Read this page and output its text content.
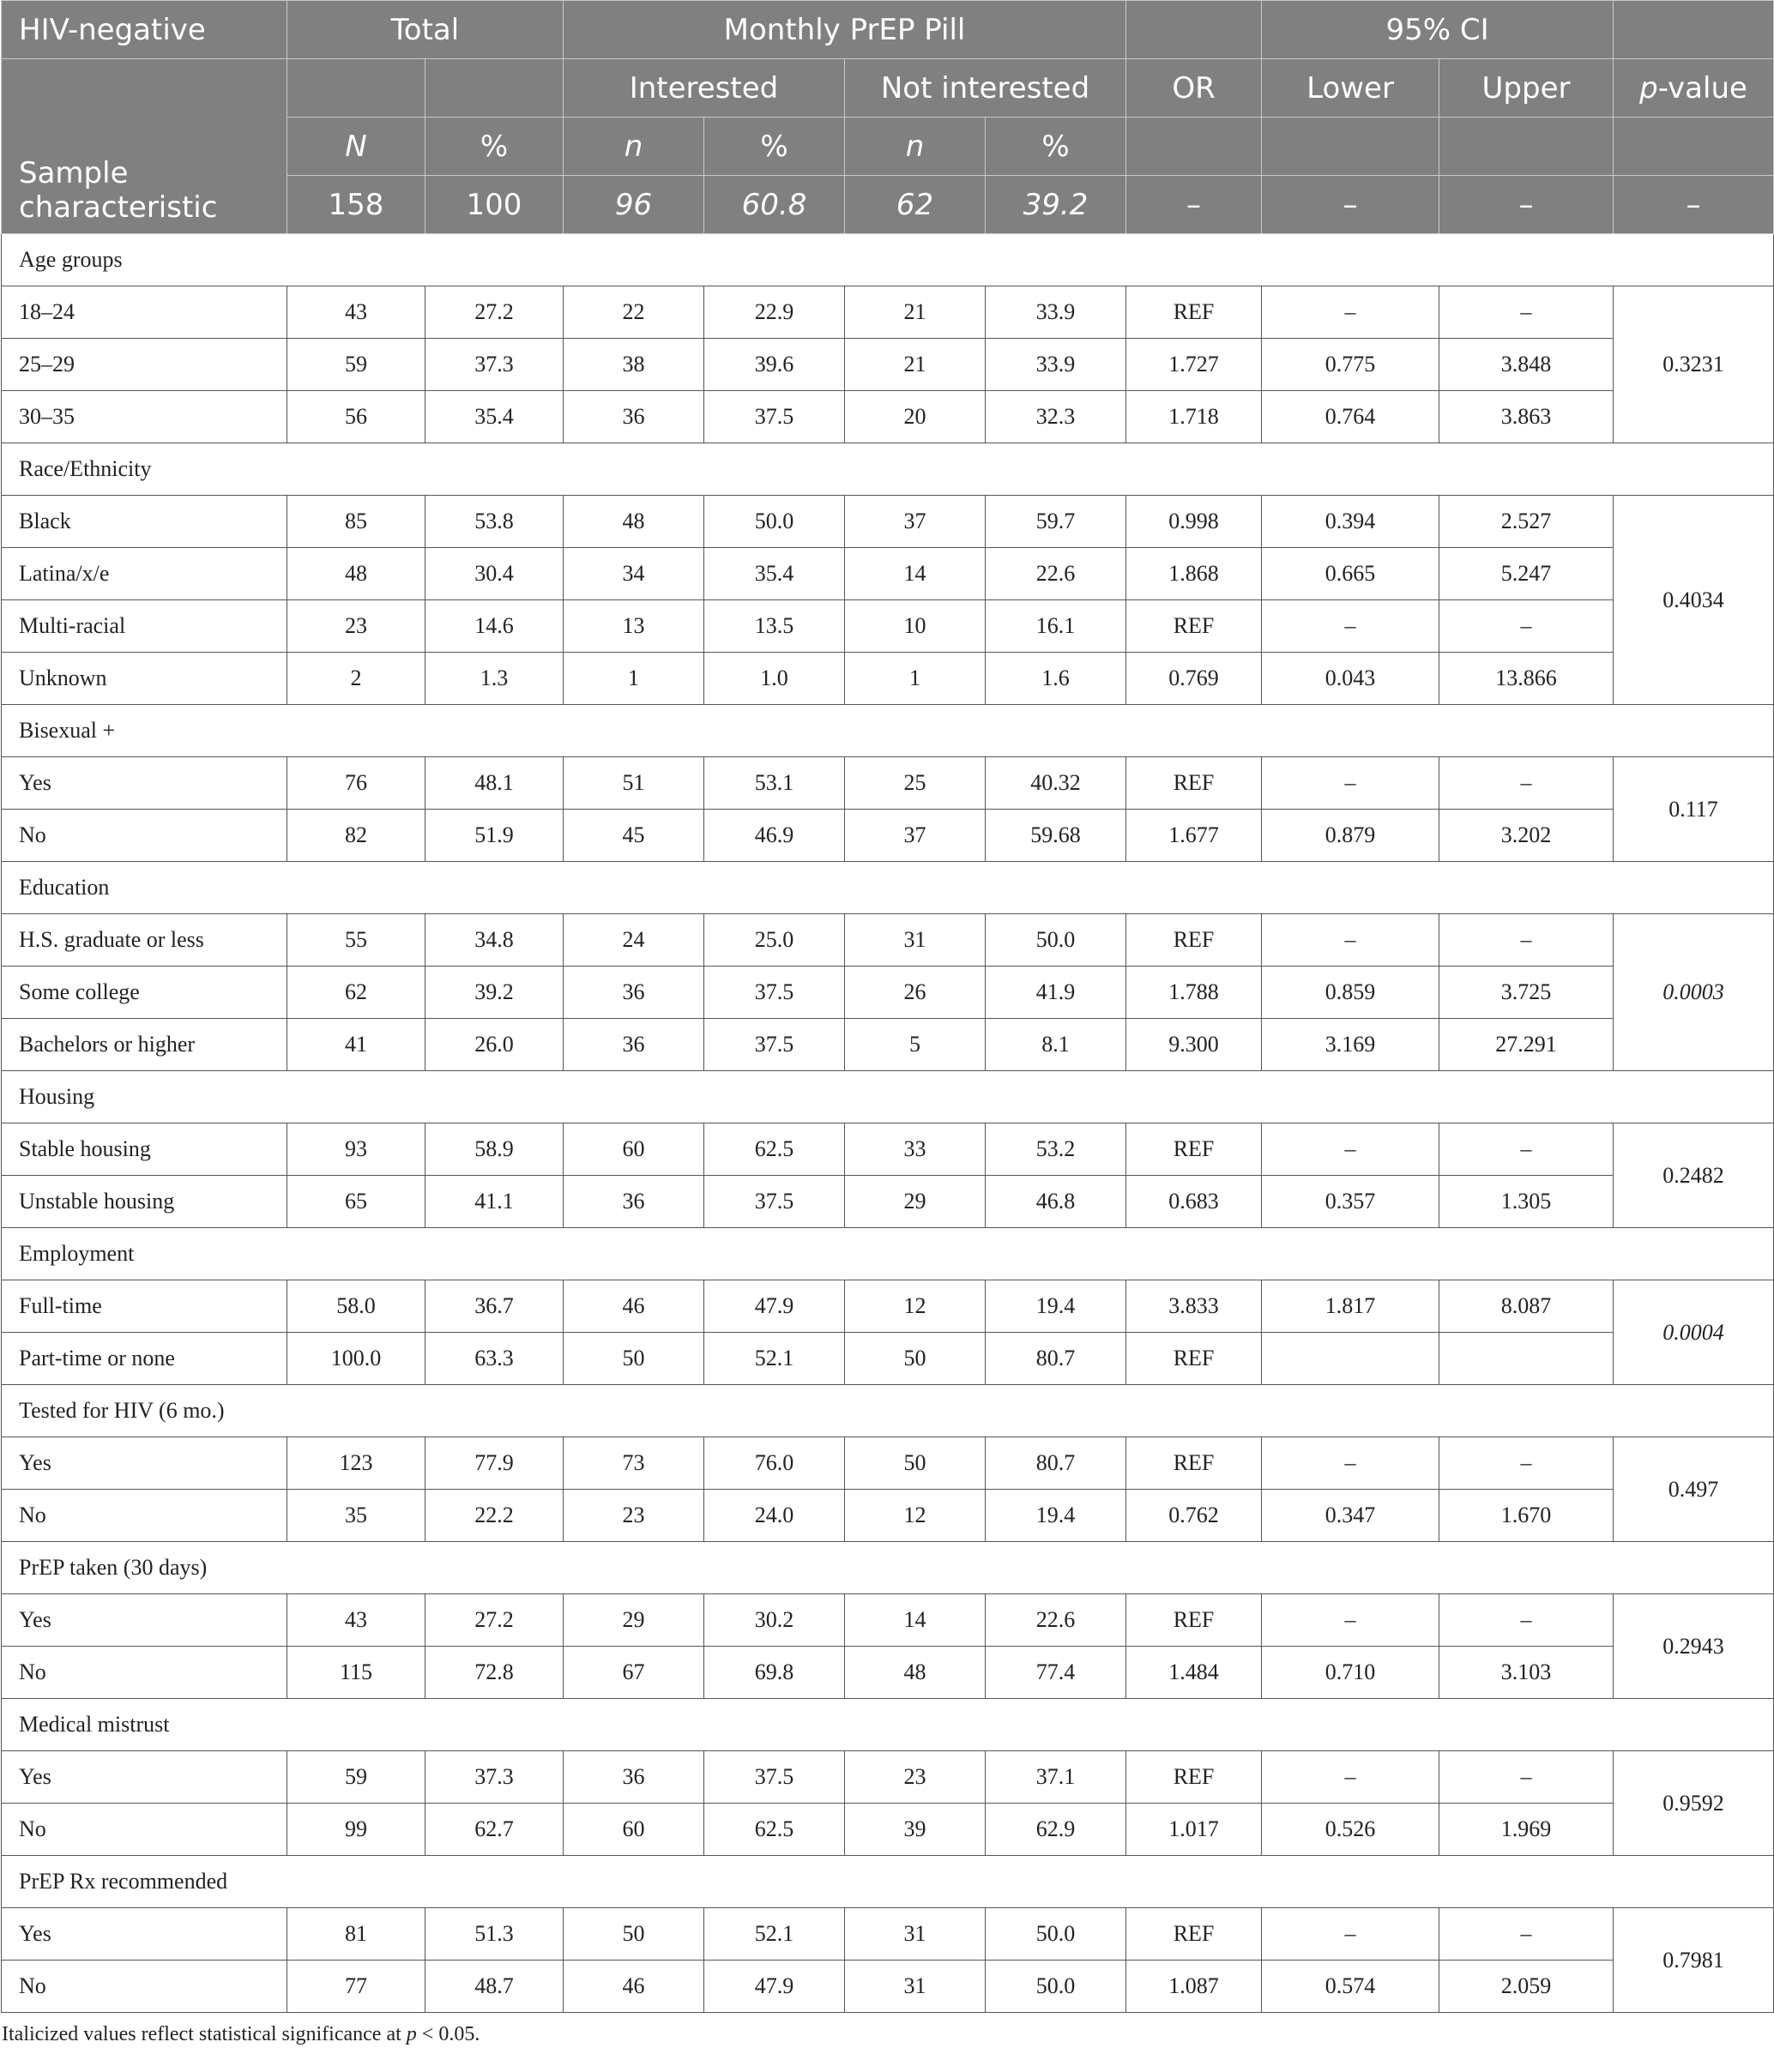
HIV-negative	Total		Monthly PrEP Pill					95% CI		
Sample characteristic			Interested		Not interested		OR	Lower	Upper	p-value
	N	%	n	%	n	%				
	158	100	96	60.8	62	39.2	–	–	–	–
Age groups										
18–24	43	27.2	22	22.9	21	33.9	REF	–	–	0.3231
25–29	59	37.3	38	39.6	21	33.9	1.727	0.775	3.848	
30–35	56	35.4	36	37.5	20	32.3	1.718	0.764	3.863	
Race/Ethnicity										
Black	85	53.8	48	50.0	37	59.7	0.998	0.394	2.527	0.4034
Latina/x/e	48	30.4	34	35.4	14	22.6	1.868	0.665	5.247	
Multi-racial	23	14.6	13	13.5	10	16.1	REF	–	–	
Unknown	2	1.3	1	1.0	1	1.6	0.769	0.043	13.866	
Bisexual +										
Yes	76	48.1	51	53.1	25	40.32	REF	–	–	0.117
No	82	51.9	45	46.9	37	59.68	1.677	0.879	3.202	
Education										
H.S. graduate or less	55	34.8	24	25.0	31	50.0	REF	–	–	0.0003
Some college	62	39.2	36	37.5	26	41.9	1.788	0.859	3.725	
Bachelors or higher	41	26.0	36	37.5	5	8.1	9.300	3.169	27.291	
Housing										
Stable housing	93	58.9	60	62.5	33	53.2	REF	–	–	0.2482
Unstable housing	65	41.1	36	37.5	29	46.8	0.683	0.357	1.305	
Employment										
Full-time	58.0	36.7	46	47.9	12	19.4	3.833	1.817	8.087	0.0004
Part-time or none	100.0	63.3	50	52.1	50	80.7	REF			
Tested for HIV (6 mo.)										
Yes	123	77.9	73	76.0	50	80.7	REF	–	–	0.497
No	35	22.2	23	24.0	12	19.4	0.762	0.347	1.670	
PrEP taken (30 days)										
Yes	43	27.2	29	30.2	14	22.6	REF	–	–	0.2943
No	115	72.8	67	69.8	48	77.4	1.484	0.710	3.103	
Medical mistrust										
Yes	59	37.3	36	37.5	23	37.1	REF	–	–	0.9592
No	99	62.7	60	62.5	39	62.9	1.017	0.526	1.969	
PrEP Rx recommended										
Yes	81	51.3	50	52.1	31	50.0	REF	–	–	0.7981
No	77	48.7	46	47.9	31	50.0	1.087	0.574	2.059	
Italicized values reflect statistical significance at p < 0.05.
